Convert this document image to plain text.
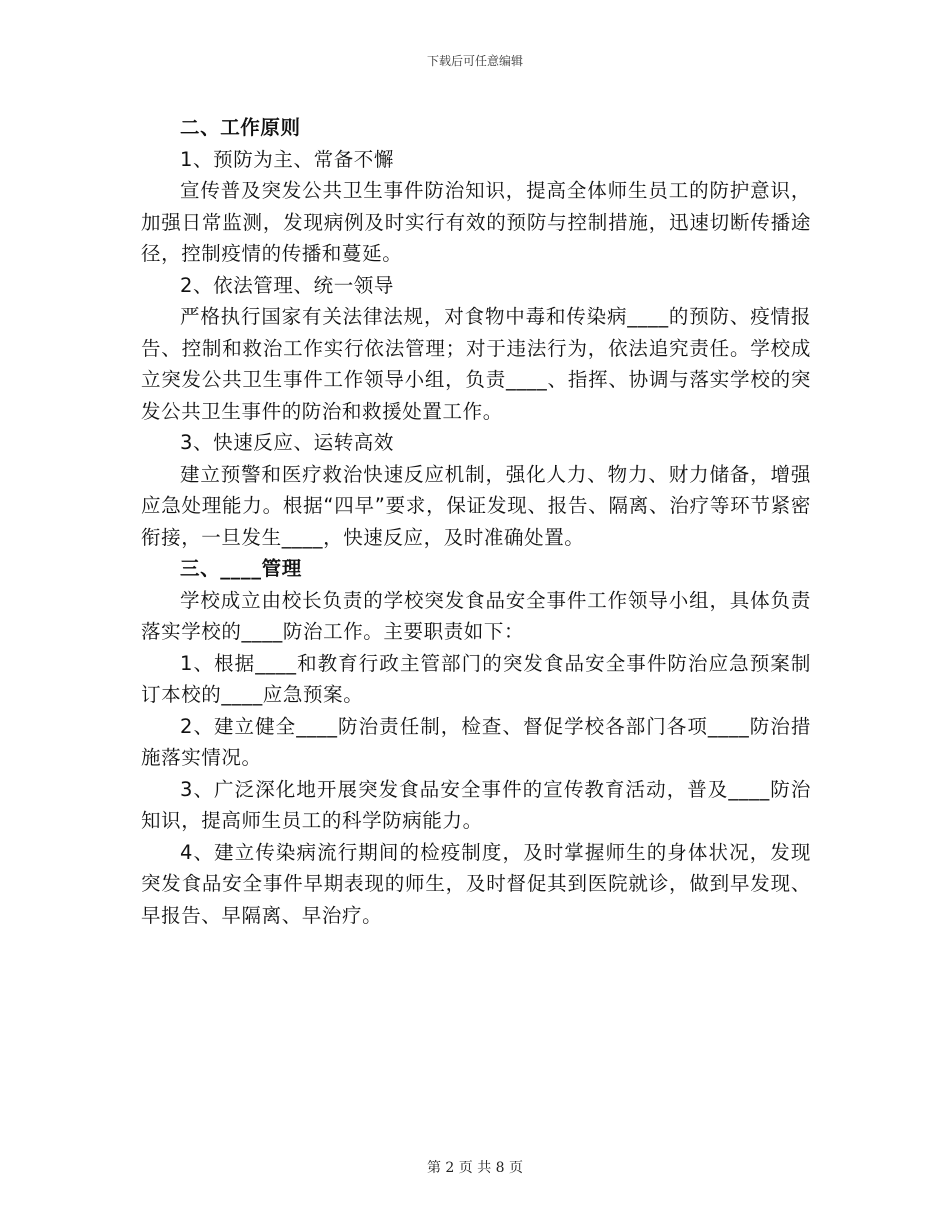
下载后可任意编辑

二、工作原则

1、预防为主、常备不懈

宣传普及突发公共卫生事件防治知识，提高全体师生员工的防护意识，加强日常监测，发现病例及时实行有效的预防与控制措施，迅速切断传播途径，控制疫情的传播和蔓延。

2、依法管理、统一领导

严格执行国家有关法律法规，对食物中毒和传染病____的预防、疫情报告、控制和救治工作实行依法管理；对于违法行为，依法追究责任。学校成立突发公共卫生事件工作领导小组，负责____、指挥、协调与落实学校的突发公共卫生事件的防治和救援处置工作。

3、快速反应、运转高效

建立预警和医疗救治快速反应机制，强化人力、物力、财力储备，增强应急处理能力。根据“四早”要求，保证发现、报告、隔离、治疗等环节紧密衔接，一旦发生____，快速反应，及时准确处置。

三、____管理

学校成立由校长负责的学校突发食品安全事件工作领导小组，具体负责落实学校的____防治工作。主要职责如下：

1、根据____和教育行政主管部门的突发食品安全事件防治应急预案制订本校的____应急预案。

2、建立健全____防治责任制，检查、督促学校各部门各项____防治措施落实情况。

3、广泛深化地开展突发食品安全事件的宣传教育活动，普及____防治知识，提高师生员工的科学防病能力。

4、建立传染病流行期间的检疫制度，及时掌握师生的身体状况，发现突发食品安全事件早期表现的师生，及时督促其到医院就诊，做到早发现、早报告、早隔离、早治疗。

第 2 页 共 8 页
